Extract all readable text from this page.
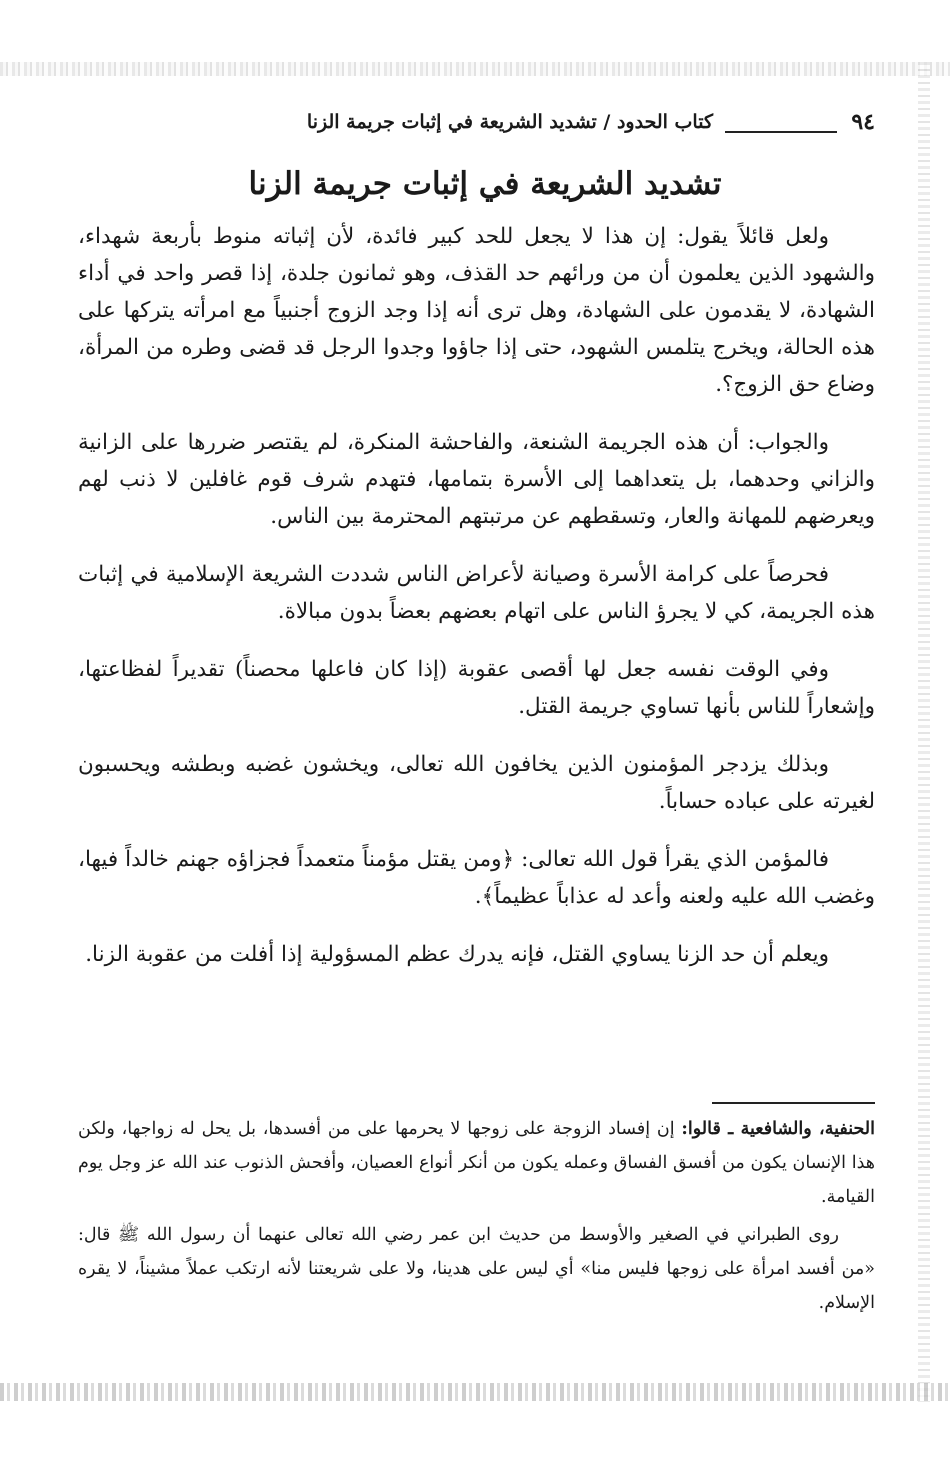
٩٤
كتاب الحدود / تشديد الشريعة في إثبات جريمة الزنا
تشديد الشريعة في إثبات جريمة الزنا

ولعل قائلاً يقول: إن هذا لا يجعل للحد كبير فائدة، لأن إثباته منوط بأربعة شهداء، والشهود الذين يعلمون أن من ورائهم حد القذف، وهو ثمانون جلدة، إذا قصر واحد في أداء الشهادة، لا يقدمون على الشهادة، وهل ترى أنه إذا وجد الزوج أجنبياً مع امرأته يتركها على هذه الحالة، ويخرج يتلمس الشهود، حتى إذا جاؤوا وجدوا الرجل قد قضى وطره من المرأة، وضاع حق الزوج؟.

والجواب: أن هذه الجريمة الشنعة، والفاحشة المنكرة، لم يقتصر ضررها على الزانية والزاني وحدهما، بل يتعداهما إلى الأسرة بتمامها، فتهدم شرف قوم غافلين لا ذنب لهم ويعرضهم للمهانة والعار، وتسقطهم عن مرتبتهم المحترمة بين الناس.

فحرصاً على كرامة الأسرة وصيانة لأعراض الناس شددت الشريعة الإسلامية في إثبات هذه الجريمة، كي لا يجرؤ الناس على اتهام بعضهم بعضاً بدون مبالاة.

وفي الوقت نفسه جعل لها أقصى عقوبة (إذا كان فاعلها محصناً) تقديراً لفظاعتها، وإشعاراً للناس بأنها تساوي جريمة القتل.

وبذلك يزدجر المؤمنون الذين يخافون الله تعالى، ويخشون غضبه وبطشه ويحسبون لغيرته على عباده حساباً.

فالمؤمن الذي يقرأ قول الله تعالى: ﴿ومن يقتل مؤمناً متعمداً فجزاؤه جهنم خالداً فيها، وغضب الله عليه ولعنه وأعد له عذاباً عظيماً﴾.

ويعلم أن حد الزنا يساوي القتل، فإنه يدرك عظم المسؤولية إذا أفلت من عقوبة الزنا.

الحنفية، والشافعية ـ قالوا: إن إفساد الزوجة على زوجها لا يحرمها على من أفسدها، بل يحل له زواجها، ولكن هذا الإنسان يكون من أفسق الفساق وعمله يكون من أنكر أنواع العصيان، وأفحش الذنوب عند الله عز وجل يوم القيامة.

روى الطبراني في الصغير والأوسط من حديث ابن عمر رضي الله تعالى عنهما أن رسول الله ﷺ قال: «من أفسد امرأة على زوجها فليس منا» أي ليس على هدينا، ولا على شريعتنا لأنه ارتكب عملاً مشيناً، لا يقره الإسلام.
